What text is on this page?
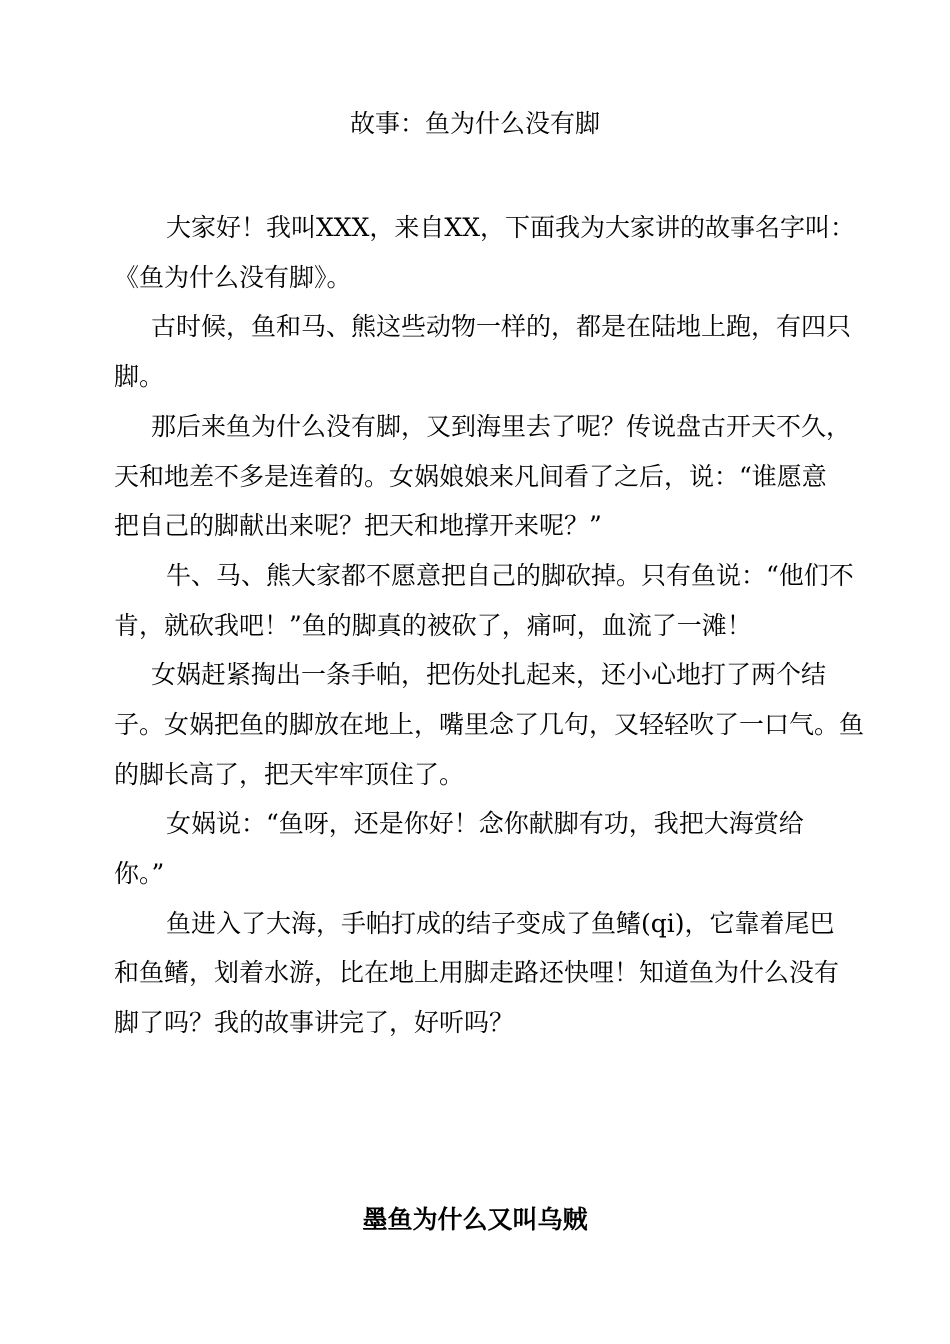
故事：鱼为什么没有脚
大家好！我叫XXX，来自XX，下面我为大家讲的故事名字叫：
《鱼为什么没有脚》。
古时候，鱼和马、熊这些动物一样的，都是在陆地上跑，有四只
脚。
那后来鱼为什么没有脚，又到海里去了呢？传说盘古开天不久，
天和地差不多是连着的。女娲娘娘来凡间看了之后，说：“谁愿意
把自己的脚献出来呢？把天和地撑开来呢？”
牛、马、熊大家都不愿意把自己的脚砍掉。只有鱼说：“他们不
肯，就砍我吧！”鱼的脚真的被砍了，痛呵，血流了一滩！
女娲赶紧掏出一条手帕，把伤处扎起来，还小心地打了两个结
子。女娲把鱼的脚放在地上，嘴里念了几句，又轻轻吹了一口气。鱼
的脚长高了，把天牢牢顶住了。
女娲说：“鱼呀，还是你好！念你献脚有功，我把大海赏给
你。”
鱼进入了大海，手帕打成的结子变成了鱼鳍(qi)，它靠着尾巴
和鱼鳍，划着水游，比在地上用脚走路还快哩！知道鱼为什么没有
脚了吗？我的故事讲完了，好听吗？
墨鱼为什么又叫乌贼
